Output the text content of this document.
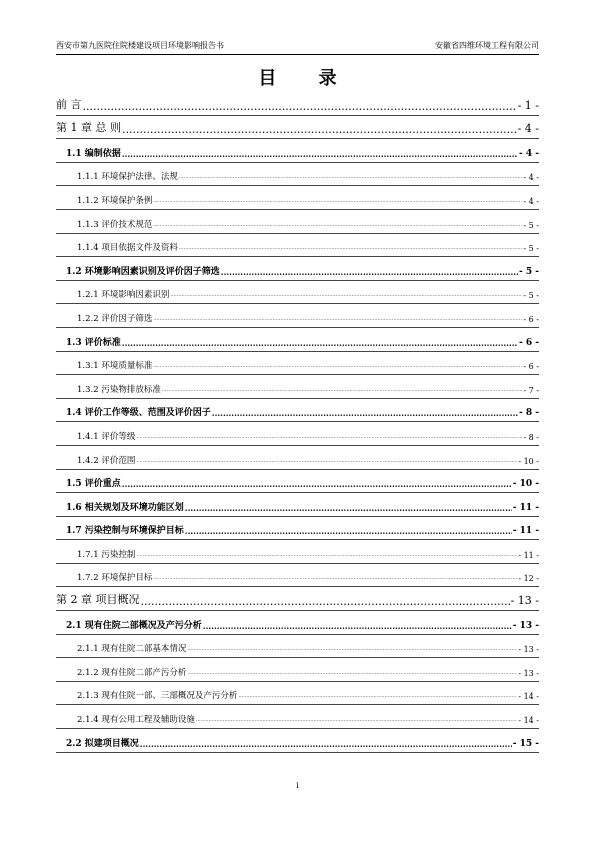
西安市第九医院住院楼建设项目环境影响报告书	安徽省四维环境工程有限公司
目 录
前 言 .....	- 1 -
第 1 章 总 则 .....	- 4 -
1.1 编制依据 .....	- 4 -
1.1.1 环境保护法律、法规 .....	- 4 -
1.1.2 环境保护条例 .....	- 4 -
1.1.3 评价技术规范 .....	- 5 -
1.1.4 项目依据文件及资料 .....	- 5 -
1.2 环境影响因素识别及评价因子筛选 .....	- 5 -
1.2.1 环境影响因素识别 .....	- 5 -
1.2.2 评价因子筛选 .....	- 6 -
1.3 评价标准 .....	- 6 -
1.3.1 环境质量标准 .....	- 6 -
1.3.2 污染物排放标准 .....	- 7 -
1.4 评价工作等级、范围及评价因子 .....	- 8 -
1.4.1 评价等级 .....	- 8 -
1.4.2 评价范围 .....	- 10 -
1.5 评价重点 .....	- 10 -
1.6 相关规划及环境功能区划 .....	- 11 -
1.7 污染控制与环境保护目标 .....	- 11 -
1.7.1 污染控制 .....	- 11 -
1.7.2 环境保护目标 .....	- 12 -
第 2 章 项目概况 .....	- 13 -
2.1 现有住院二部概况及产污分析 .....	- 13 -
2.1.1 现有住院二部基本情况 .....	- 13 -
2.1.2 现有住院二部产污分析 .....	- 13 -
2.1.3 现有住院一部、三部概况及产污分析 .....	- 14 -
2.1.4 现有公用工程及辅助设施 .....	- 14 -
2.2 拟建项目概况 .....	- 15 -
i
